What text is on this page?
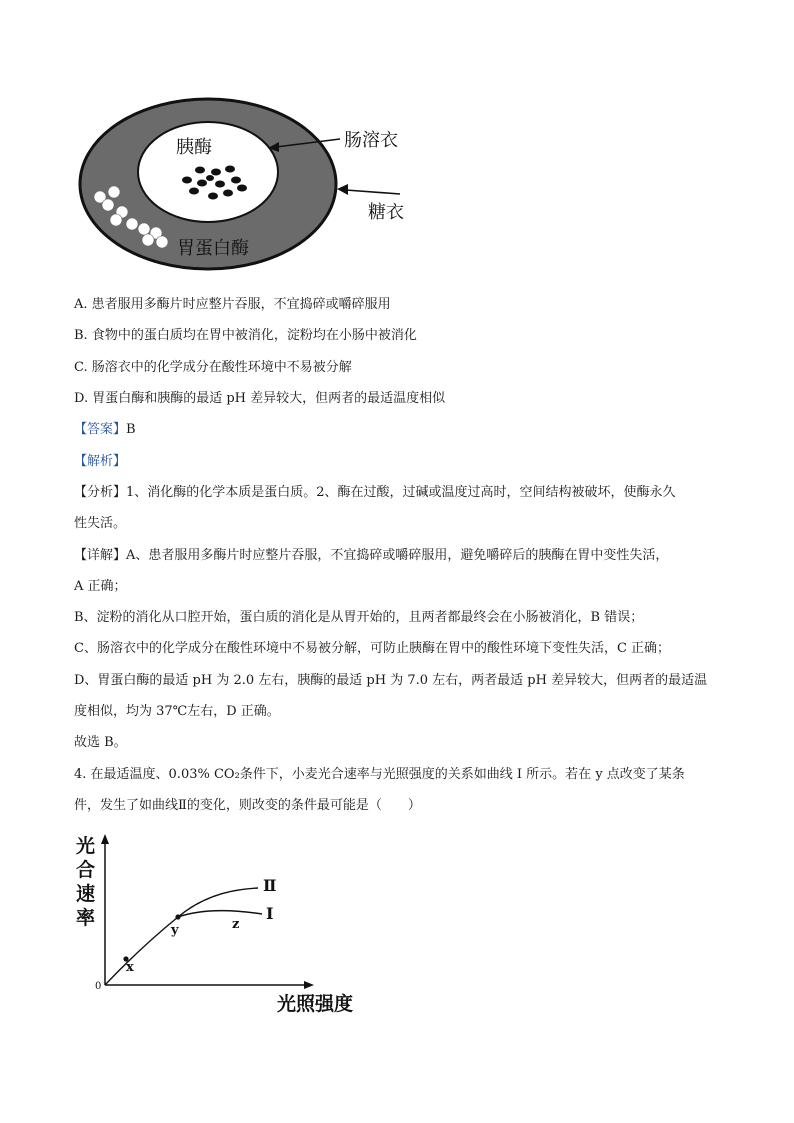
胰酶
胃蛋白酶
肠溶衣
糖衣
A. 患者服用多酶片时应整片吞服，不宜捣碎或嚼碎服用
B. 食物中的蛋白质均在胃中被消化，淀粉均在小肠中被消化
C. 肠溶衣中的化学成分在酸性环境中不易被分解
D. 胃蛋白酶和胰酶的最适 pH 差异较大，但两者的最适温度相似
【答案】B
【解析】
【分析】1、消化酶的化学本质是蛋白质。2、酶在过酸，过碱或温度过高时，空间结构被破坏，使酶永久
性失活。
【详解】A、患者服用多酶片时应整片吞服，不宜捣碎或嚼碎服用，避免嚼碎后的胰酶在胃中变性失活，
A 正确；
B、淀粉的消化从口腔开始，蛋白质的消化是从胃开始的，且两者都最终会在小肠被消化，B 错误；
C、肠溶衣中的化学成分在酸性环境中不易被分解，可防止胰酶在胃中的酸性环境下变性失活，C 正确；
D、胃蛋白酶的最适 pH 为 2.0 左右，胰酶的最适 pH 为 7.0 左右，两者最适 pH 差异较大，但两者的最适温
度相似，均为 37℃左右，D 正确。
故选 B。
4. 在最适温度、0.03% CO₂条件下，小麦光合速率与光照强度的关系如曲线 I 所示。若在 y 点改变了某条
件，发生了如曲线Ⅱ的变化，则改变的条件最可能是（　　）
光
合
速
率
0
光照强度
x
y	z
Ⅱ
I
